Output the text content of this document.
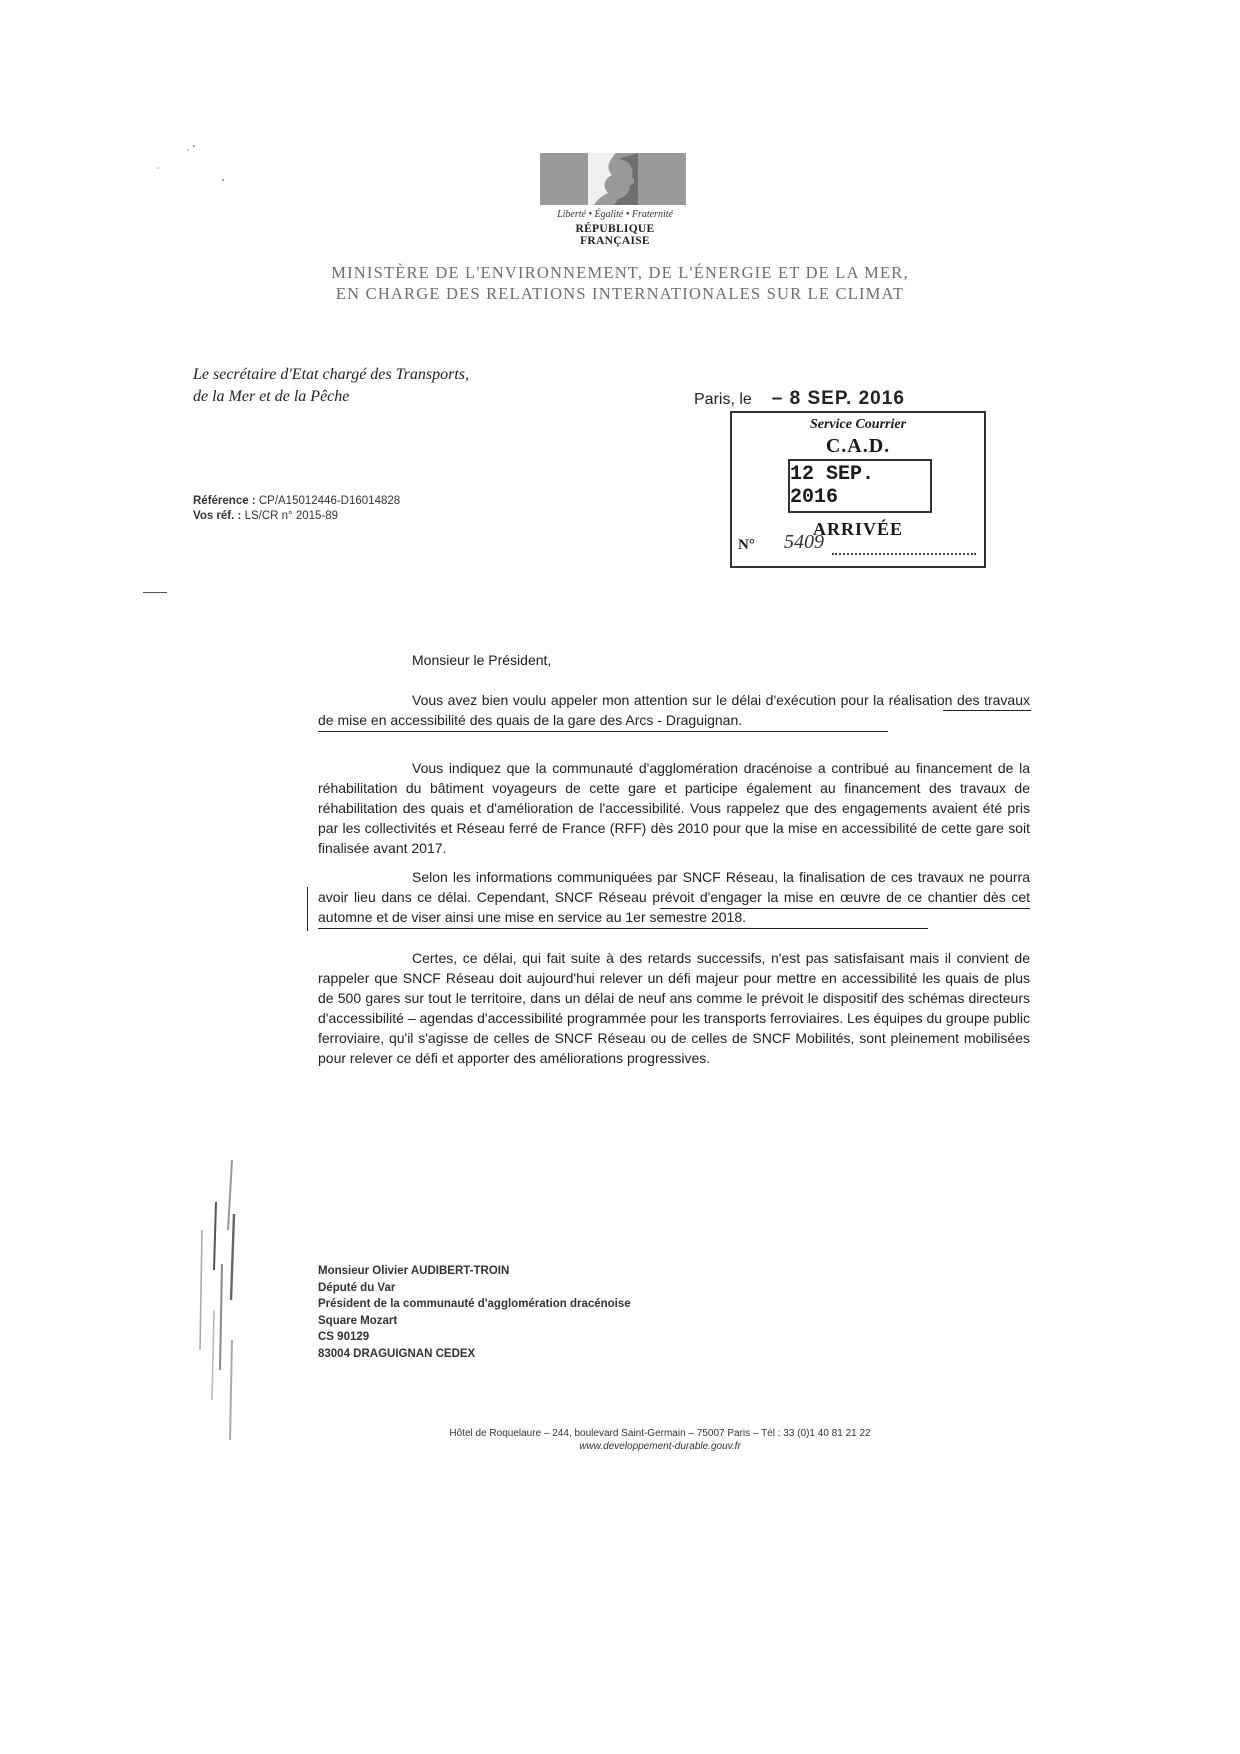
Liberté • Égalité • Fraternité
RÉPUBLIQUE FRANÇAISE
MINISTÈRE DE L'ENVIRONNEMENT, DE L'ÉNERGIE ET DE LA MER,
EN CHARGE DES RELATIONS INTERNATIONALES SUR LE CLIMAT
Le secrétaire d'Etat chargé des Transports,
de la Mer et de la Pêche	Paris, le – 8 SEP. 2016
Service Courrier
C.A.D.
12 SEP. 2016
ARRIVÉE
N° 5409
Référence : CP/A15012446-D16014828
Vos réf. : LS/CR n° 2015-89
Monsieur le Président,
Vous avez bien voulu appeler mon attention sur le délai d'exécution pour la réalisation des travaux de mise en accessibilité des quais de la gare des Arcs - Draguignan.
Vous indiquez que la communauté d'agglomération dracénoise a contribué au financement de la réhabilitation du bâtiment voyageurs de cette gare et participe également au financement des travaux de réhabilitation des quais et d'amélioration de l'accessibilité. Vous rappelez que des engagements avaient été pris par les collectivités et Réseau ferré de France (RFF) dès 2010 pour que la mise en accessibilité de cette gare soit finalisée avant 2017.
Selon les informations communiquées par SNCF Réseau, la finalisation de ces travaux ne pourra avoir lieu dans ce délai. Cependant, SNCF Réseau prévoit d'engager la mise en œuvre de ce chantier dès cet automne et de viser ainsi une mise en service au 1er semestre 2018.
Certes, ce délai, qui fait suite à des retards successifs, n'est pas satisfaisant mais il convient de rappeler que SNCF Réseau doit aujourd'hui relever un défi majeur pour mettre en accessibilité les quais de plus de 500 gares sur tout le territoire, dans un délai de neuf ans comme le prévoit le dispositif des schémas directeurs d'accessibilité – agendas d'accessibilité programmée pour les transports ferroviaires. Les équipes du groupe public ferroviaire, qu'il s'agisse de celles de SNCF Réseau ou de celles de SNCF Mobilités, sont pleinement mobilisées pour relever ce défi et apporter des améliorations progressives.
Monsieur Olivier AUDIBERT-TROIN
Député du Var
Président de la communauté d'agglomération dracénoise
Square Mozart
CS 90129
83004 DRAGUIGNAN CEDEX
Hôtel de Roquelaure – 244, boulevard Saint-Germain – 75007 Paris – Tél : 33 (0)1 40 81 21 22
www.developpement-durable.gouv.fr
